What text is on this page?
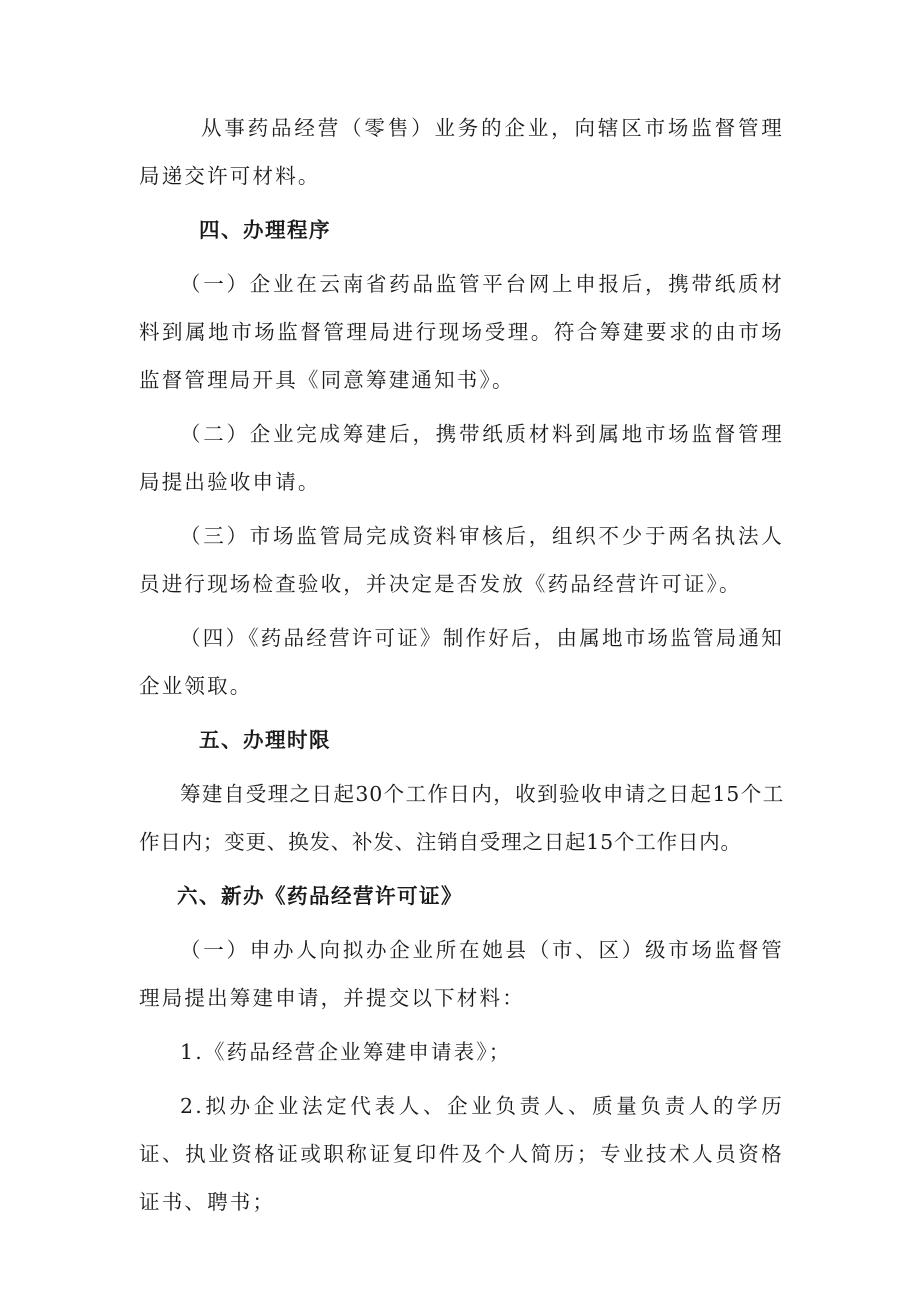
从事药品经营（零售）业务的企业，向辖区市场监督管理局递交许可材料。

四、办理程序

（一）企业在云南省药品监管平台网上申报后，携带纸质材料到属地市场监督管理局进行现场受理。符合筹建要求的由市场监督管理局开具《同意筹建通知书》。

（二）企业完成筹建后，携带纸质材料到属地市场监督管理局提出验收申请。

（三）市场监管局完成资料审核后，组织不少于两名执法人员进行现场检查验收，并决定是否发放《药品经营许可证》。

（四）《药品经营许可证》制作好后，由属地市场监管局通知企业领取。

五、办理时限

筹建自受理之日起30个工作日内，收到验收申请之日起15个工作日内；变更、换发、补发、注销自受理之日起15个工作日内。

六、新办《药品经营许可证》

（一）申办人向拟办企业所在她县（市、区）级市场监督管理局提出筹建申请，并提交以下材料：

1.《药品经营企业筹建申请表》；

2.拟办企业法定代表人、企业负责人、质量负责人的学历证、执业资格证或职称证复印件及个人简历；专业技术人员资格证书、聘书；
